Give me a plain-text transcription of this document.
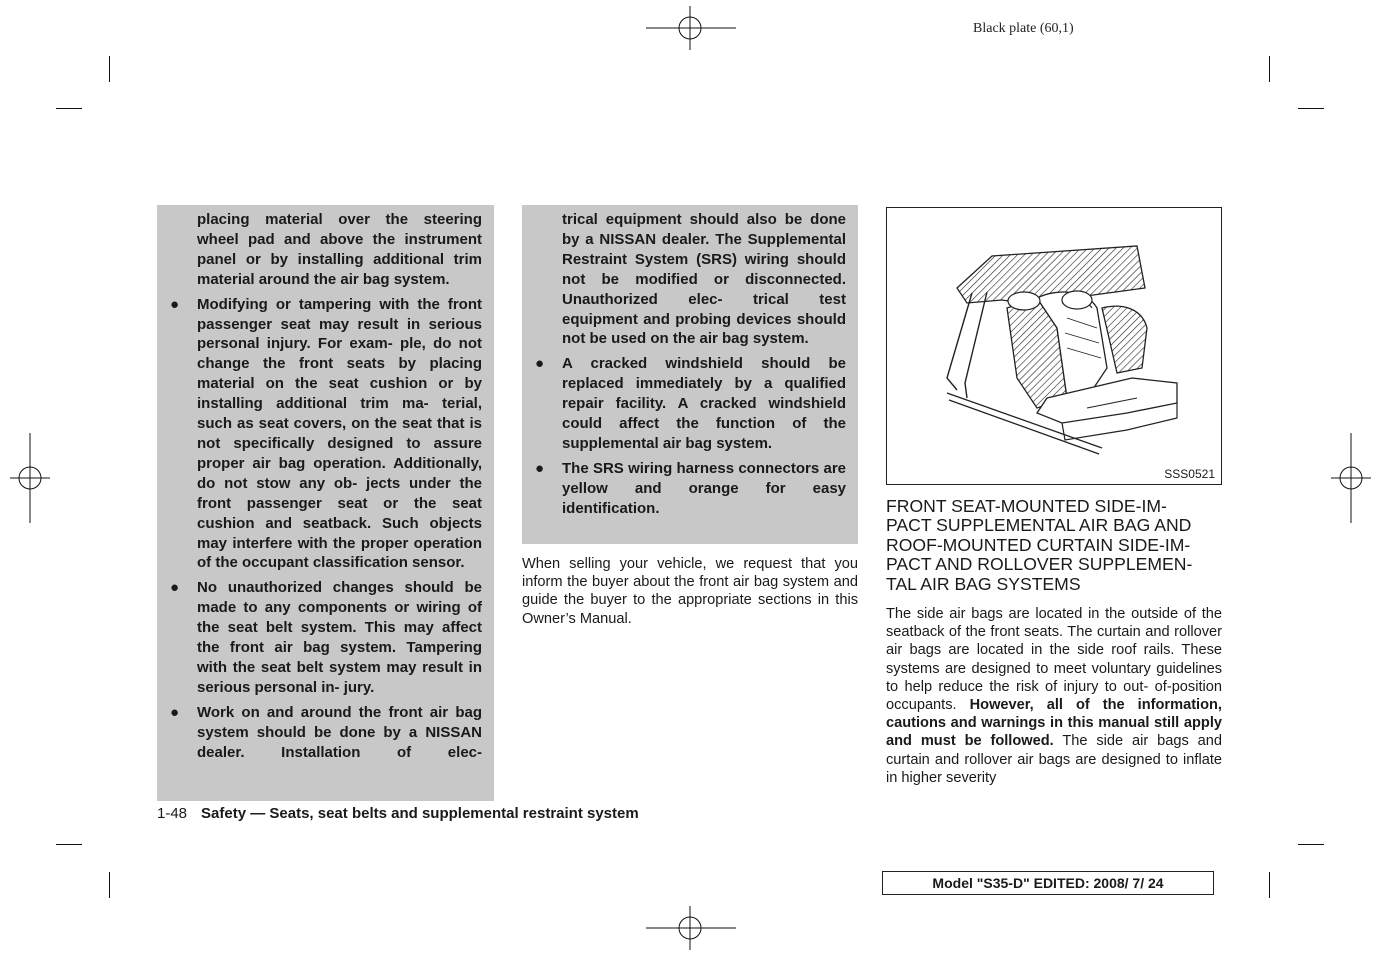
Black plate (60,1)
placing material over the steering wheel pad and above the instrument panel or by installing additional trim material around the air bag system.
● Modifying or tampering with the front passenger seat may result in serious personal injury. For exam- ple, do not change the front seats by placing material on the seat cushion or by installing additional trim ma- terial, such as seat covers, on the seat that is not specifically designed to assure proper air bag operation. Additionally, do not stow any ob- jects under the front passenger seat or the seat cushion and seatback. Such objects may interfere with the proper operation of the occupant classification sensor.
● No unauthorized changes should be made to any components or wiring of the seat belt system. This may affect the front air bag system. Tampering with the seat belt system may result in serious personal in- jury.
● Work on and around the front air bag system should be done by a NISSAN dealer. Installation of elec-
trical equipment should also be done by a NISSAN dealer. The Supplemental Restraint System (SRS) wiring should not be modified or disconnected. Unauthorized elec- trical test equipment and probing devices should not be used on the air bag system.
● A cracked windshield should be replaced immediately by a qualified repair facility. A cracked windshield could affect the function of the supplemental air bag system.
● The SRS wiring harness connectors are yellow and orange for easy identification.
When selling your vehicle, we request that you inform the buyer about the front air bag system and guide the buyer to the appropriate sections in this Owner’s Manual.
SSS0521
FRONT SEAT-MOUNTED SIDE-IM-
PACT SUPPLEMENTAL AIR BAG AND
ROOF-MOUNTED CURTAIN SIDE-IM-
PACT AND ROLLOVER SUPPLEMEN-
TAL AIR BAG SYSTEMS
The side air bags are located in the outside of the seatback of the front seats. The curtain and rollover air bags are located in the side roof rails. These systems are designed to meet voluntary guidelines to help reduce the risk of injury to out- of-position occupants. However, all of the information, cautions and warnings in this manual still apply and must be followed. The side air bags and curtain and rollover air bags are designed to inflate in higher severity
1-48 Safety — Seats, seat belts and supplemental restraint system
Model "S35-D" EDITED: 2008/ 7/ 24
